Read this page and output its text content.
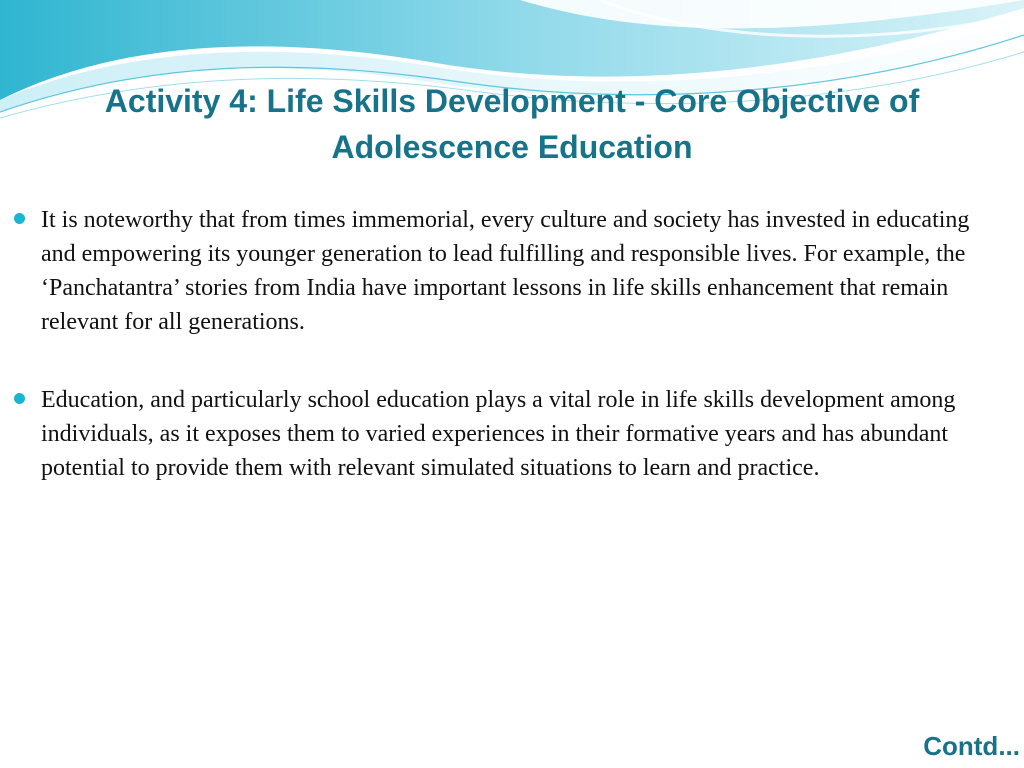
Activity 4: Life Skills Development - Core Objective of Adolescence Education
It is noteworthy that from times immemorial, every culture and society has invested in educating and empowering its younger generation to lead fulfilling and responsible lives. For example, the ‘Panchatantra’ stories from India have important lessons in life skills enhancement that remain relevant for all generations.
Education, and particularly school education plays a vital role in life skills development among individuals, as it exposes them to varied experiences in their formative years and has abundant potential to provide them with relevant simulated situations to learn and practice.

Contd...
